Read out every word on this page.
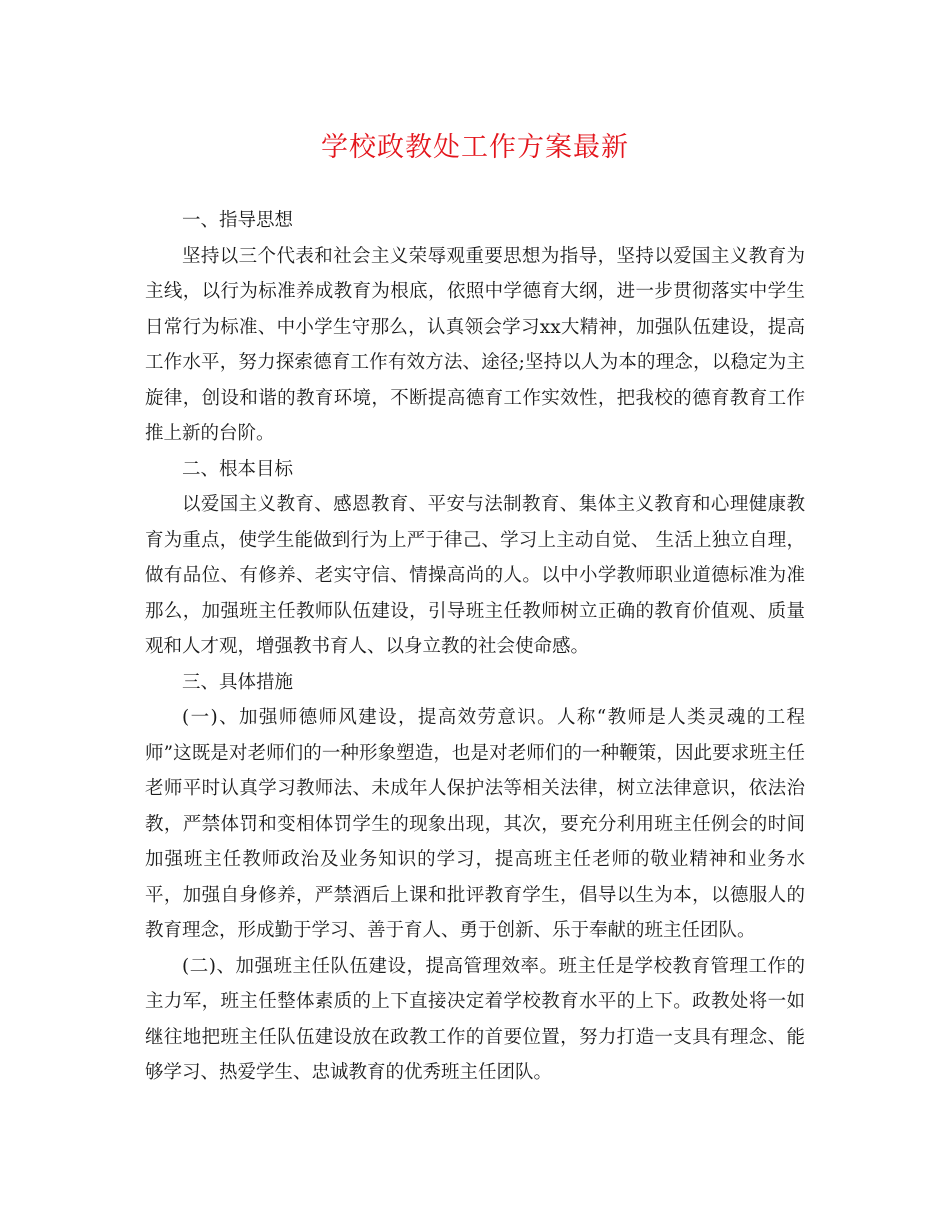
学校政教处工作方案最新

一、指导思想

坚持以三个代表和社会主义荣辱观重要思想为指导，坚持以爱国主义教育为主线，以行为标准养成教育为根底，依照中学德育大纲，进一步贯彻落实中学生日常行为标准、中小学生守那么，认真领会学习xx大精神，加强队伍建设，提高工作水平，努力探索德育工作有效方法、途径;坚持以人为本的理念，以稳定为主旋律，创设和谐的教育环境，不断提高德育工作实效性，把我校的德育教育工作推上新的台阶。

二、根本目标

以爱国主义教育、感恩教育、平安与法制教育、集体主义教育和心理健康教育为重点，使学生能做到行为上严于律己、学习上主动自觉、 生活上独立自理，做有品位、有修养、老实守信、情操高尚的人。以中小学教师职业道德标准为准那么，加强班主任教师队伍建设，引导班主任教师树立正确的教育价值观、质量观和人才观，增强教书育人、以身立教的社会使命感。

三、具体措施

(一)、加强师德师风建设，提高效劳意识。人称“教师是人类灵魂的工程师”这既是对老师们的一种形象塑造，也是对老师们的一种鞭策，因此要求班主任老师平时认真学习教师法、未成年人保护法等相关法律，树立法律意识，依法治教，严禁体罚和变相体罚学生的现象出现，其次，要充分利用班主任例会的时间加强班主任教师政治及业务知识的学习，提高班主任老师的敬业精神和业务水平，加强自身修养，严禁酒后上课和批评教育学生，倡导以生为本，以德服人的教育理念，形成勤于学习、善于育人、勇于创新、乐于奉献的班主任团队。

(二)、加强班主任队伍建设，提高管理效率。班主任是学校教育管理工作的主力军，班主任整体素质的上下直接决定着学校教育水平的上下。政教处将一如继往地把班主任队伍建设放在政教工作的首要位置，努力打造一支具有理念、能够学习、热爱学生、忠诚教育的优秀班主任团队。
